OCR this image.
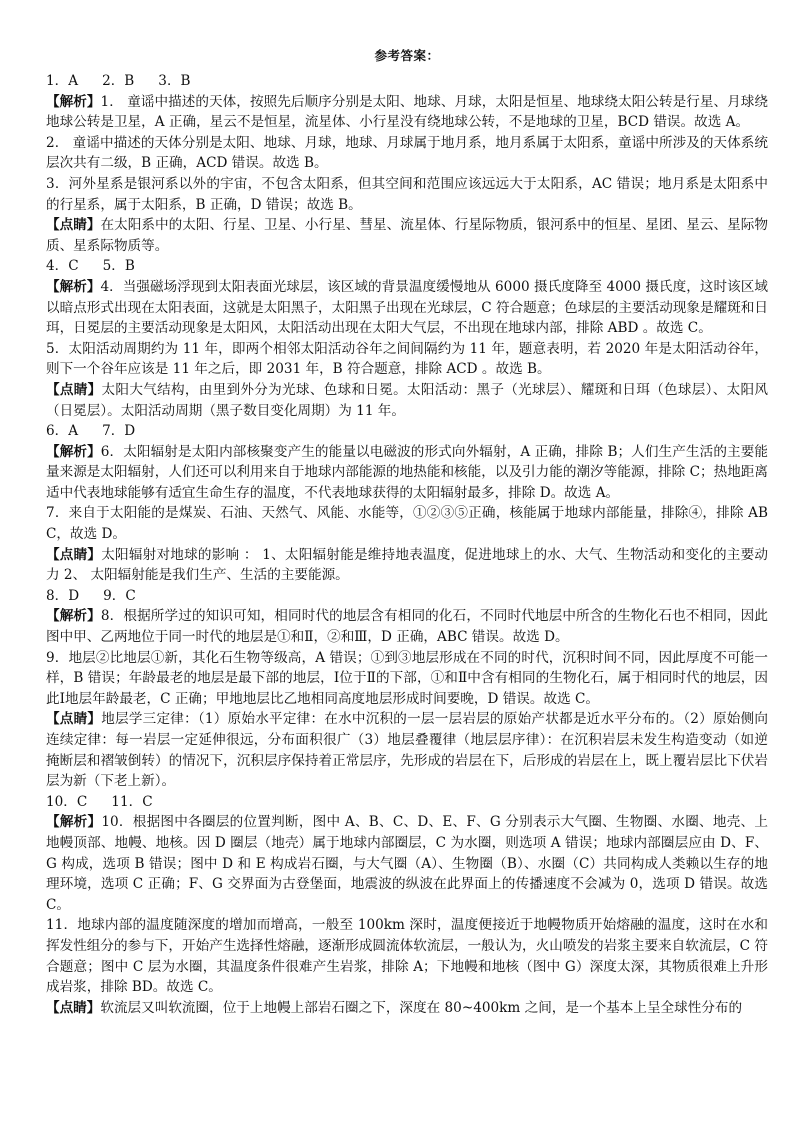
参考答案：

1．A 2．B 3．B

【解析】1． 童谣中描述的天体，按照先后顺序分别是太阳、地球、月球，太阳是恒星、地球绕太阳公转是行星、月球绕地球公转是卫星，A 正确，星云不是恒星，流星体、小行星没有绕地球公转，不是地球的卫星，BCD 错误。故选 A。

2． 童谣中描述的天体分别是太阳、地球、月球，地球、月球属于地月系，地月系属于太阳系，童谣中所涉及的天体系统层次共有二级，B 正确，ACD 错误。故选 B。

3．河外星系是银河系以外的宇宙，不包含太阳系，但其空间和范围应该远远大于太阳系，AC 错误；地月系是太阳系中的行星系，属于太阳系，B 正确，D 错误；故选 B。

【点睛】在太阳系中的太阳、行星、卫星、小行星、彗星、流星体、行星际物质，银河系中的恒星、星团、星云、星际物质、星系际物质等。

4．C 5．B

【解析】4．当强磁场浮现到太阳表面光球层，该区域的背景温度缓慢地从 6000 摄氏度降至 4000 摄氏度，这时该区域以暗点形式出现在太阳表面，这就是太阳黑子，太阳黑子出现在光球层，C 符合题意；色球层的主要活动现象是耀斑和日珥，日冕层的主要活动现象是太阳风，太阳活动出现在太阳大气层，不出现在地球内部，排除 ABD 。故选 C。

5．太阳活动周期约为 11 年，即两个相邻太阳活动谷年之间间隔约为 11 年，题意表明，若 2020 年是太阳活动谷年，则下一个谷年应该是 11 年之后，即 2031 年，B 符合题意，排除 ACD 。故选 B。

【点睛】太阳大气结构，由里到外分为光球、色球和日冕。太阳活动：黑子（光球层）、耀斑和日珥（色球层）、太阳风（日冕层）。太阳活动周期（黑子数目变化周期）为 11 年。

6．A 7．D

【解析】6．太阳辐射是太阳内部核聚变产生的能量以电磁波的形式向外辐射，A 正确，排除 B；人们生产生活的主要能量来源是太阳辐射，人们还可以利用来自于地球内部能源的地热能和核能，以及引力能的潮汐等能源，排除 C；热地距离适中代表地球能够有适宜生命生存的温度，不代表地球获得的太阳辐射最多，排除 D。故选 A。

7．来自于太阳能的是煤炭、石油、天然气、风能、水能等，①②③⑤正确，核能属于地球内部能量，排除④，排除 ABC，故选 D。

【点睛】太阳辐射对地球的影响 ： 1、太阳辐射能是维持地表温度，促进地球上的水、大气、生物活动和变化的主要动力 2、 太阳辐射能是我们生产、生活的主要能源。

8．D 9．C

【解析】8．根据所学过的知识可知，相同时代的地层含有相同的化石，不同时代地层中所含的生物化石也不相同，因此图中甲、乙两地位于同一时代的地层是①和Ⅱ，②和Ⅲ，D 正确，ABC 错误。故选 D。

9．地层②比地层①新，其化石生物等级高，A 错误；①到③地层形成在不同的时代，沉积时间不同，因此厚度不可能一样，B 错误；年龄最老的地层是最下部的地层，Ⅰ位于Ⅱ的下部，①和Ⅱ中含有相同的生物化石，属于相同时代的地层，因此Ⅰ地层年龄最老，C 正确；甲地地层比乙地相同高度地层形成时间要晚，D 错误。故选 C。

【点睛】地层学三定律：（1）原始水平定律：在水中沉积的一层一层岩层的原始产状都是近水平分布的。（2）原始侧向连续定律：每一岩层一定延伸很远，分布面积很广（3）地层叠覆律（地层层序律）：在沉积岩层未发生构造变动（如逆掩断层和褶皱倒转）的情况下，沉积层序保持着正常层序，先形成的岩层在下，后形成的岩层在上，既上覆岩层比下伏岩层为新（下老上新）。

10．C 11．C

【解析】10．根据图中各圈层的位置判断，图中 A、B、C、D、E、F、G 分别表示大气圈、生物圈、水圈、地壳、上地幔顶部、地幔、地核。因 D 圈层（地壳）属于地球内部圈层，C 为水圈，则选项 A 错误；地球内部圈层应由 D、F、G 构成，选项 B 错误；图中 D 和 E 构成岩石圈，与大气圈（A）、生物圈（B）、水圈（C）共同构成人类赖以生存的地理环境，选项 C 正确；F、G 交界面为古登堡面，地震波的纵波在此界面上的传播速度不会减为 0，选项 D 错误。故选 C。

11．地球内部的温度随深度的增加而增高，一般至 100km 深时，温度便接近于地幔物质开始熔融的温度，这时在水和挥发性组分的参与下，开始产生选择性熔融，逐渐形成圆流体软流层，一般认为，火山喷发的岩浆主要来自软流层，C 符合题意；图中 C 层为水圈，其温度条件很难产生岩浆，排除 A；下地幔和地核（图中 G）深度太深，其物质很难上升形成岩浆，排除 BD。故选 C。

【点睛】软流层又叫软流圈，位于上地幔上部岩石圈之下，深度在 80~400km 之间，是一个基本上呈全球性分布的
